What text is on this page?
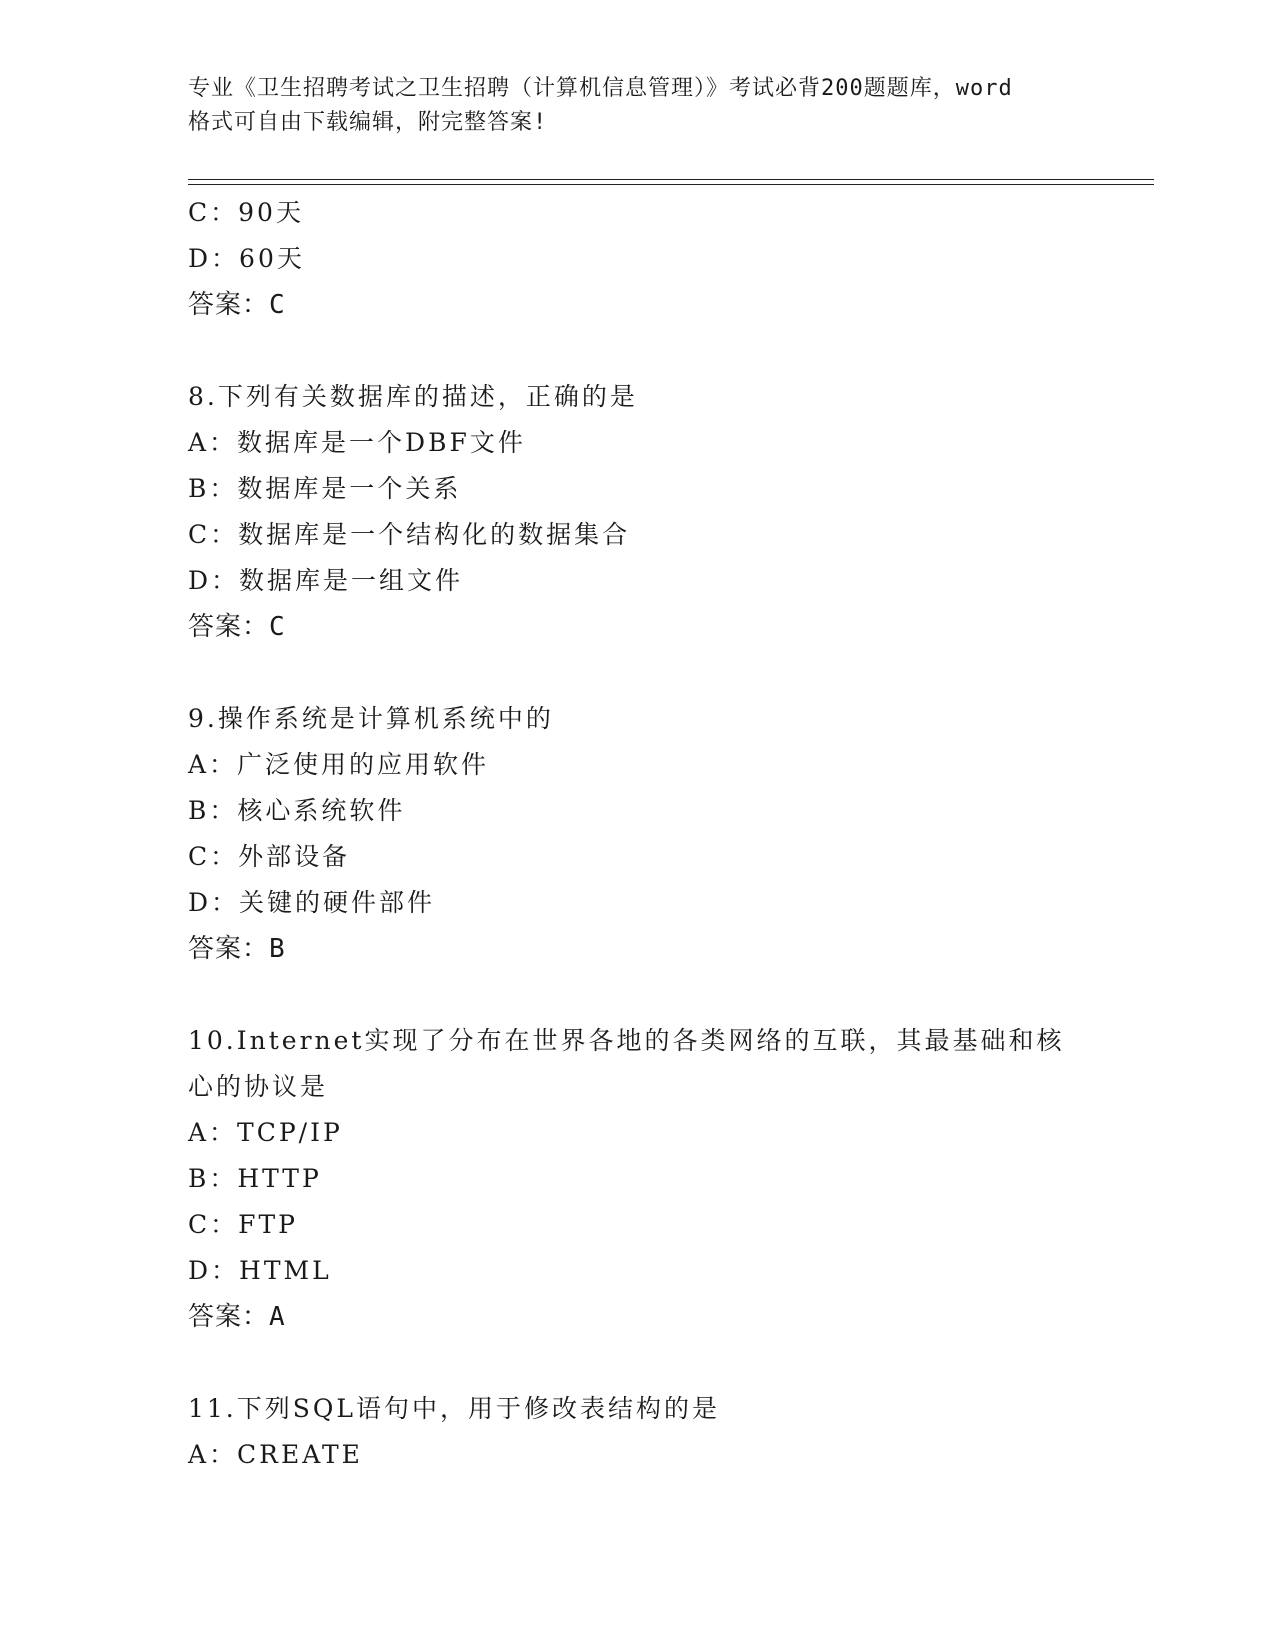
专业《卫生招聘考试之卫生招聘（计算机信息管理）》考试必背200题题库，word
格式可自由下载编辑，附完整答案!
C：90天
D：60天
答案：C
8.下列有关数据库的描述，正确的是
A：数据库是一个DBF文件
B：数据库是一个关系
C：数据库是一个结构化的数据集合
D：数据库是一组文件
答案：C
9.操作系统是计算机系统中的
A：广泛使用的应用软件
B：核心系统软件
C：外部设备
D：关键的硬件部件
答案：B
10.Internet实现了分布在世界各地的各类网络的互联，其最基础和核
心的协议是
A：TCP/IP
B：HTTP
C：FTP
D：HTML
答案：A
11.下列SQL语句中，用于修改表结构的是
A：CREATE
